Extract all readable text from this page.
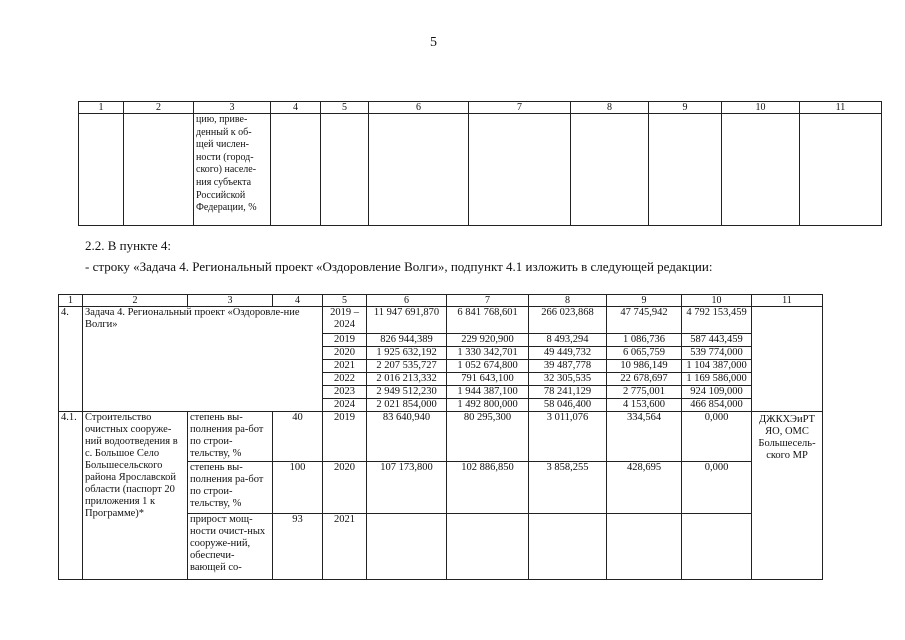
5
1	2	3	4	5	6	7	8	9	10	11
		цию, приве-денный к об-щей числен-ности (город-ского) населе-ния субъекта Российской Федерации, %								
2.2. В пункте 4:
- строку «Задача 4. Региональный проект «Оздоровление Волги», подпункт 4.1 изложить в следующей редакции:
1	2	3	4	5	6	7	8	9	10	11
4.	Задача 4. Региональный проект «Оздоровле-ние Волги»			2019 – 2024	11 947 691,870	6 841 768,601	266 023,868	47 745,942	4 792 153,459	
				2019	826 944,389	229 920,900	8 493,294	1 086,736	587 443,459	
				2020	1 925 632,192	1 330 342,701	49 449,732	6 065,759	539 774,000	
				2021	2 207 535,727	1 052 674,800	39 487,778	10 986,149	1 104 387,000	
				2022	2 016 213,332	791 643,100	32 305,535	22 678,697	1 169 586,000	
				2023	2 949 512,230	1 944 387,100	78 241,129	2 775,001	924 109,000	
				2024	2 021 854,000	1 492 800,000	58 046,400	4 153,600	466 854,000	
4.1.	Строительство очистных сооруже-ний водоотведения в с. Большое Село Большесельского района Ярославской области (паспорт 20 приложения 1 к Программе)*	степень вы-полнения ра-бот по строи-тельству, %	40	2019	83 640,940	80 295,300	3 011,076	334,564	0,000	ДЖКХЭиРТ ЯО, ОМС Большесель-ского МР
		степень вы-полнения ра-бот по строи-тельству, %	100	2020	107 173,800	102 886,850	3 858,255	428,695	0,000	
		прирост мощ-ности очист-ных сооруже-ний, обеспечи-вающей со-	93	2021						
